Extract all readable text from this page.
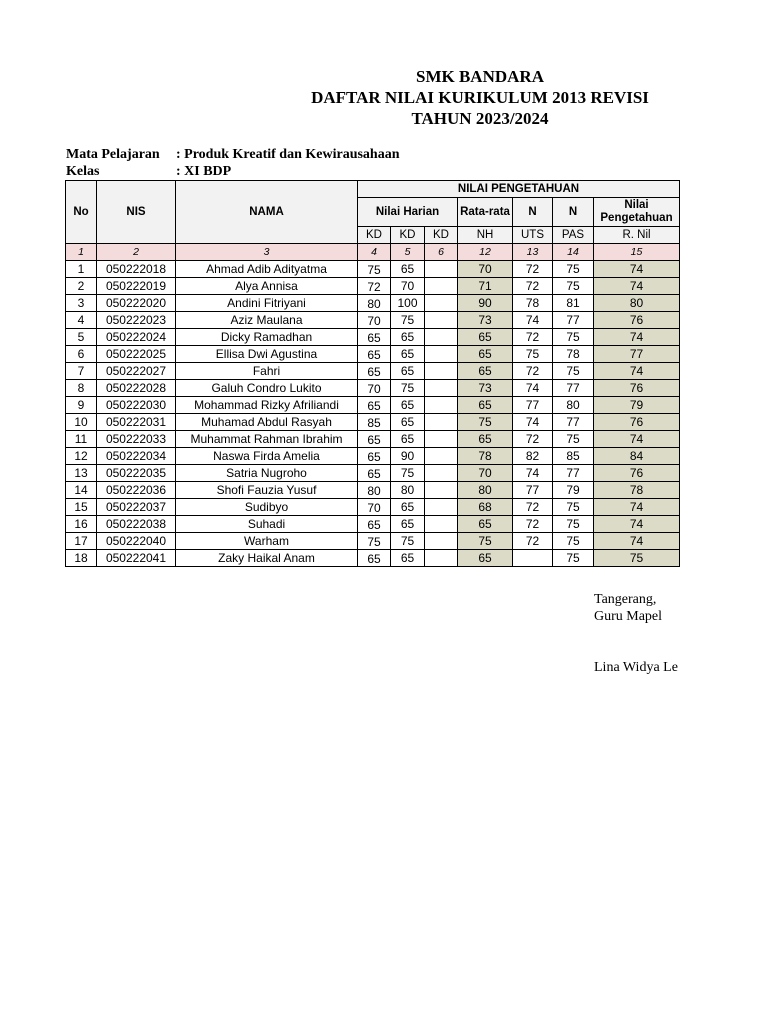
SMK BANDARA
DAFTAR NILAI KURIKULUM 2013 REVISI
TAHUN 2023/2024
Mata Pelajaran : Produk Kreatif dan Kewirausahaan
Kelas	: XI BDP
No	NIS	NAMA	NILAI PENGETAHUAN						
			Nilai Harian			Rata-rata	N	N	Nilai Pengetahuan
			KD	KD	KD	NH	UTS	PAS	R. Nil
1	2	3	4	5	6	12	13	14	15
1	050222018	Ahmad Adib Adityatma	75	65		70	72	75	74
2	050222019	Alya Annisa	72	70		71	72	75	74
3	050222020	Andini Fitriyani	80	100		90	78	81	80
4	050222023	Aziz Maulana	70	75		73	74	77	76
5	050222024	Dicky Ramadhan	65	65		65	72	75	74
6	050222025	Ellisa Dwi Agustina	65	65		65	75	78	77
7	050222027	Fahri	65	65		65	72	75	74
8	050222028	Galuh Condro Lukito	70	75		73	74	77	76
9	050222030	Mohammad Rizky Afriliandi	65	65		65	77	80	79
10	050222031	Muhamad Abdul Rasyah	85	65		75	74	77	76
11	050222033	Muhammat Rahman Ibrahim	65	65		65	72	75	74
12	050222034	Naswa Firda Amelia	65	90		78	82	85	84
13	050222035	Satria Nugroho	65	75		70	74	77	76
14	050222036	Shofi Fauzia Yusuf	80	80		80	77	79	78
15	050222037	Sudibyo	70	65		68	72	75	74
16	050222038	Suhadi	65	65		65	72	75	74
17	050222040	Warham	75	75		75	72	75	74
18	050222041	Zaky Haikal Anam	65	65		65		75	75
Tangerang,
Guru Mapel
Lina Widya Le
